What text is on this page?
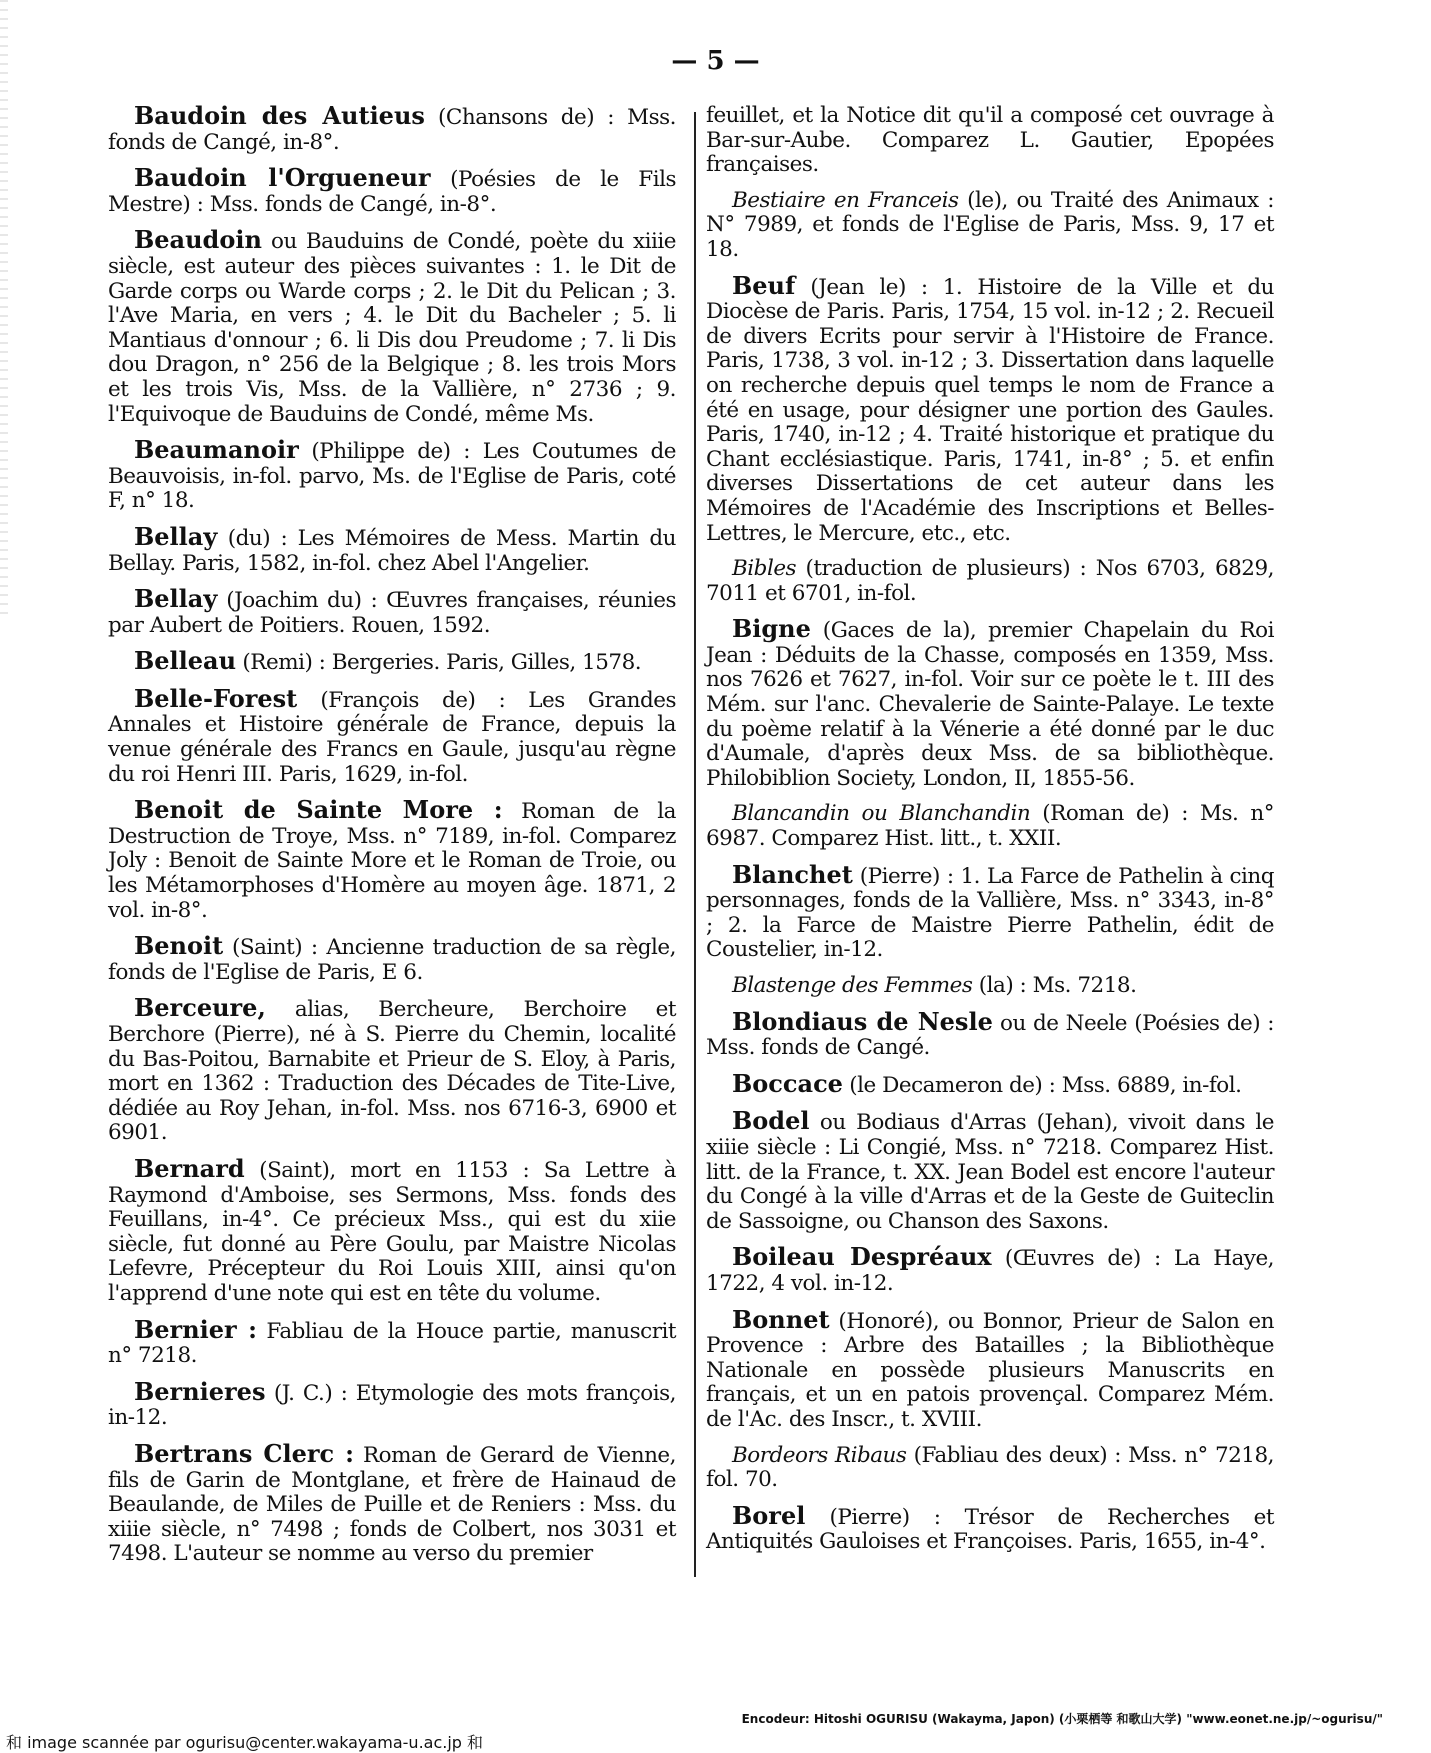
— 5 —

Baudoin des Autieus (Chansons de) : Mss. fonds de Cangé, in-8°.

Baudoin l'Orgueneur (Poésies de le Fils Mestre) : Mss. fonds de Cangé, in-8°.

Beaudoin ou Bauduins de Condé, poète du xiiie siècle, est auteur des pièces suivantes : 1. le Dit de Garde corps ou Warde corps ; 2. le Dit du Pelican ; 3. l'Ave Maria, en vers ; 4. le Dit du Bacheler ; 5. li Mantiaus d'onnour ; 6. li Dis dou Preudome ; 7. li Dis dou Dragon, n° 256 de la Belgique ; 8. les trois Mors et les trois Vis, Mss. de la Vallière, n° 2736 ; 9. l'Equivoque de Bauduins de Condé, même Ms.

Beaumanoir (Philippe de) : Les Coutumes de Beauvoisis, in-fol. parvo, Ms. de l'Eglise de Paris, coté F, n° 18.

Bellay (du) : Les Mémoires de Mess. Martin du Bellay. Paris, 1582, in-fol. chez Abel l'Angelier.

Bellay (Joachim du) : Œuvres françaises, réunies par Aubert de Poitiers. Rouen, 1592.

Belleau (Remi) : Bergeries. Paris, Gilles, 1578.

Belle-Forest (François de) : Les Grandes Annales et Histoire générale de France, depuis la venue générale des Francs en Gaule, jusqu'au règne du roi Henri III. Paris, 1629, in-fol.

Benoit de Sainte More : Roman de la Destruction de Troye, Mss. n° 7189, in-fol. Comparez Joly : Benoit de Sainte More et le Roman de Troie, ou les Métamorphoses d'Homère au moyen âge. 1871, 2 vol. in-8°.

Benoit (Saint) : Ancienne traduction de sa règle, fonds de l'Eglise de Paris, E 6.

Berceure, alias, Bercheure, Berchoire et Berchore (Pierre), né à S. Pierre du Chemin, localité du Bas-Poitou, Barnabite et Prieur de S. Eloy, à Paris, mort en 1362 : Traduction des Décades de Tite-Live, dédiée au Roy Jehan, in-fol. Mss. nos 6716-3, 6900 et 6901.

Bernard (Saint), mort en 1153 : Sa Lettre à Raymond d'Amboise, ses Sermons, Mss. fonds des Feuillans, in-4°. Ce précieux Mss., qui est du xiie siècle, fut donné au Père Goulu, par Maistre Nicolas Lefevre, Précepteur du Roi Louis XIII, ainsi qu'on l'apprend d'une note qui est en tête du volume.

Bernier : Fabliau de la Houce partie, manuscrit n° 7218.

Bernieres (J. C.) : Etymologie des mots françois, in-12.

Bertrans Clerc : Roman de Gerard de Vienne, fils de Garin de Montglane, et frère de Hainaud de Beaulande, de Miles de Puille et de Reniers : Mss. du xiiie siècle, n° 7498 ; fonds de Colbert, nos 3031 et 7498. L'auteur se nomme au verso du premier

feuillet, et la Notice dit qu'il a composé cet ouvrage à Bar-sur-Aube. Comparez L. Gautier, Epopées françaises.

Bestiaire en Franceis (le), ou Traité des Animaux : N° 7989, et fonds de l'Eglise de Paris, Mss. 9, 17 et 18.

Beuf (Jean le) : 1. Histoire de la Ville et du Diocèse de Paris. Paris, 1754, 15 vol. in-12 ; 2. Recueil de divers Ecrits pour servir à l'Histoire de France. Paris, 1738, 3 vol. in-12 ; 3. Dissertation dans laquelle on recherche depuis quel temps le nom de France a été en usage, pour désigner une portion des Gaules. Paris, 1740, in-12 ; 4. Traité historique et pratique du Chant ecclésiastique. Paris, 1741, in-8° ; 5. et enfin diverses Dissertations de cet auteur dans les Mémoires de l'Académie des Inscriptions et Belles-Lettres, le Mercure, etc., etc.

Bibles (traduction de plusieurs) : Nos 6703, 6829, 7011 et 6701, in-fol.

Bigne (Gaces de la), premier Chapelain du Roi Jean : Déduits de la Chasse, composés en 1359, Mss. nos 7626 et 7627, in-fol. Voir sur ce poète le t. III des Mém. sur l'anc. Chevalerie de Sainte-Palaye. Le texte du poème relatif à la Vénerie a été donné par le duc d'Aumale, d'après deux Mss. de sa bibliothèque. Philobiblion Society, London, II, 1855-56.

Blancandin ou Blanchandin (Roman de) : Ms. n° 6987. Comparez Hist. litt., t. XXII.

Blanchet (Pierre) : 1. La Farce de Pathelin à cinq personnages, fonds de la Vallière, Mss. n° 3343, in-8° ; 2. la Farce de Maistre Pierre Pathelin, édit de Coustelier, in-12.

Blastenge des Femmes (la) : Ms. 7218.

Blondiaus de Nesle ou de Neele (Poésies de) : Mss. fonds de Cangé.

Boccace (le Decameron de) : Mss. 6889, in-fol.

Bodel ou Bodiaus d'Arras (Jehan), vivoit dans le xiiie siècle : Li Congié, Mss. n° 7218. Comparez Hist. litt. de la France, t. XX. Jean Bodel est encore l'auteur du Congé à la ville d'Arras et de la Geste de Guiteclin de Sassoigne, ou Chanson des Saxons.

Boileau Despréaux (Œuvres de) : La Haye, 1722, 4 vol. in-12.

Bonnet (Honoré), ou Bonnor, Prieur de Salon en Provence : Arbre des Batailles ; la Bibliothèque Nationale en possède plusieurs Manuscrits en français, et un en patois provençal. Comparez Mém. de l'Ac. des Inscr., t. XVIII.

Bordeors Ribaus (Fabliau des deux) : Mss. n° 7218, fol. 70.

Borel (Pierre) : Trésor de Recherches et Antiquités Gauloises et Françoises. Paris, 1655, in-4°.

Encodeur: Hitoshi OGURISU (Wakayma, Japon) (小栗栖等 和歌山大学) "www.eonet.ne.jp/~ogurisu/"
和 image scannée par ogurisu@center.wakayama-u.ac.jp 和
